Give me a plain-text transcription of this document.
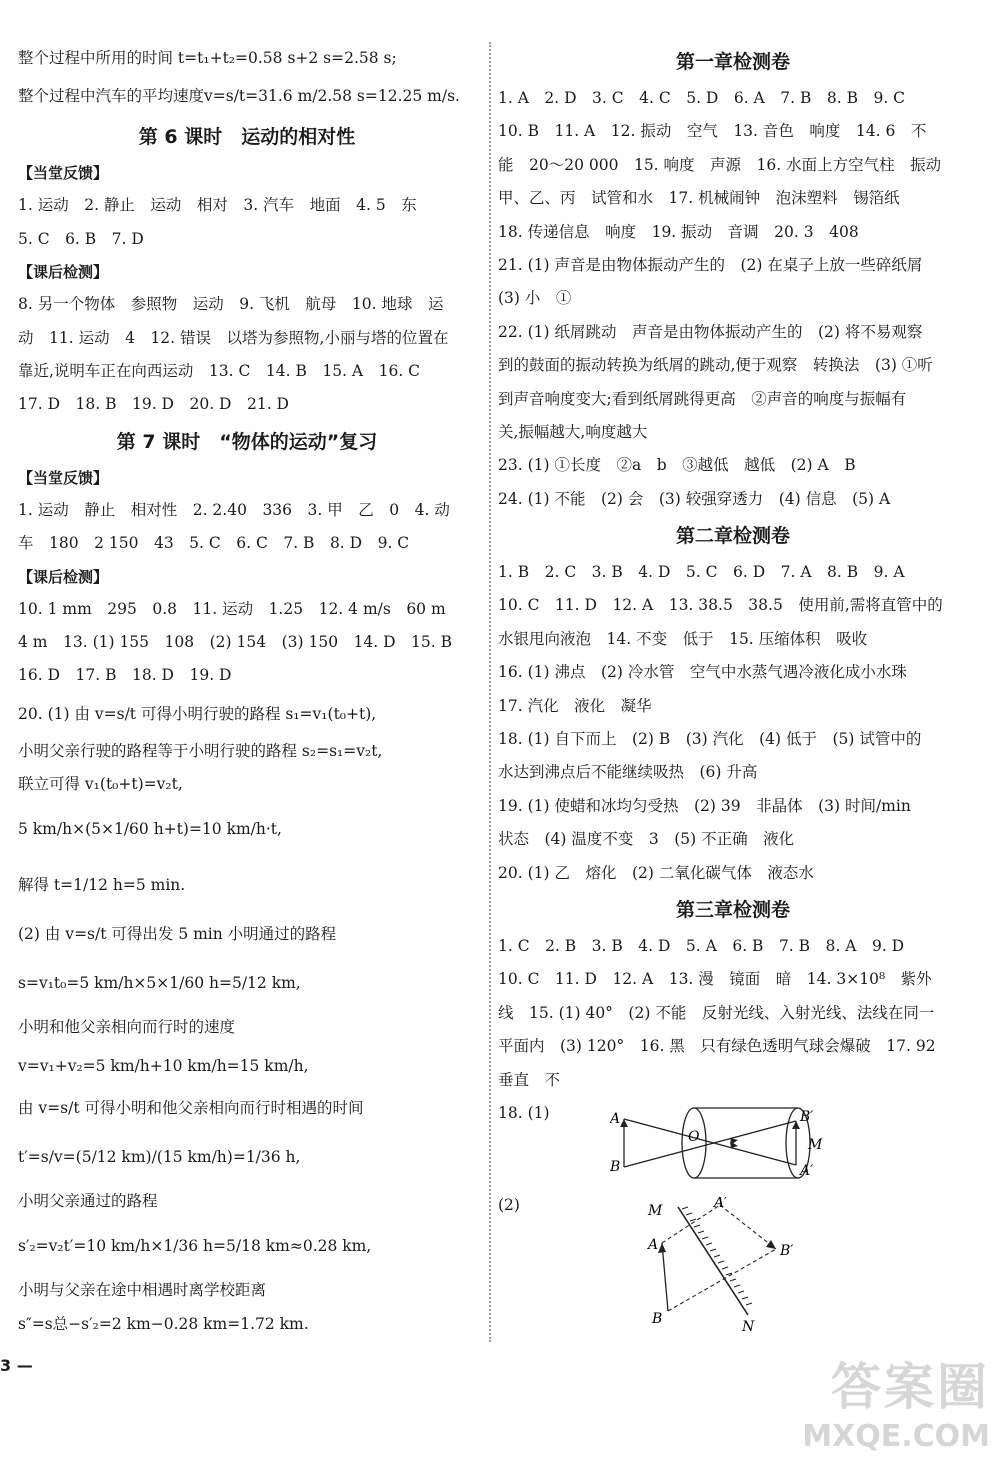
整个过程中所用的时间 t=t₁+t₂=0.58 s+2 s=2.58 s;
整个过程中汽车的平均速度v=s/t=31.6 m/2.58 s=12.25 m/s.
第 6 课时　运动的相对性
【当堂反馈】
1. 运动　2. 静止　运动　相对　3. 汽车　地面　4. 5　东
5. C　6. B　7. D
【课后检测】
8. 另一个物体　参照物　运动　9. 飞机　航母　10. 地球　运
动　11. 运动　4　12. 错误　以塔为参照物,小丽与塔的位置在
靠近,说明车正在向西运动　13. C　14. B　15. A　16. C
17. D　18. B　19. D　20. D　21. D
第 7 课时　“物体的运动”复习
【当堂反馈】
1. 运动　静止　相对性　2. 2.40　336　3. 甲　乙　0　4. 动
车　180　2 150　43　5. C　6. C　7. B　8. D　9. C
【课后检测】
10. 1 mm　295　0.8　11. 运动　1.25　12. 4 m/s　60 m
4 m　13. (1) 155　108　(2) 154　(3) 150　14. D　15. B
16. D　17. B　18. D　19. D
20. (1) 由 v=s/t 可得小明行驶的路程 s₁=v₁(t₀+t),
小明父亲行驶的路程等于小明行驶的路程 s₂=s₁=v₂t,
联立可得 v₁(t₀+t)=v₂t,
5 km/h×(5×1/60 h+t)=10 km/h·t,
解得 t=1/12 h=5 min.
(2) 由 v=s/t 可得出发 5 min 小明通过的路程
s=v₁t₀=5 km/h×5×1/60 h=5/12 km,
小明和他父亲相向而行时的速度
v=v₁+v₂=5 km/h+10 km/h=15 km/h,
由 v=s/t 可得小明和他父亲相向而行时相遇的时间
t′=s/v=(5/12 km)/(15 km/h)=1/36 h,
小明父亲通过的路程
s′₂=v₂t′=10 km/h×1/36 h=5/18 km≈0.28 km,
小明与父亲在途中相遇时离学校距离
s″=s总−s′₂=2 km−0.28 km=1.72 km.
3 —
第一章检测卷
1. A　2. D　3. C　4. C　5. D　6. A　7. B　8. B　9. C
10. B　11. A　12. 振动　空气　13. 音色　响度　14. 6　不
能　20～20 000　15. 响度　声源　16. 水面上方空气柱　振动
甲、乙、丙　试管和水　17. 机械闹钟　泡沫塑料　锡箔纸
18. 传递信息　响度　19. 振动　音调　20. 3　408
21. (1) 声音是由物体振动产生的　(2) 在桌子上放一些碎纸屑
(3) 小　①
22. (1) 纸屑跳动　声音是由物体振动产生的　(2) 将不易观察
到的鼓面的振动转换为纸屑的跳动,便于观察　转换法　(3) ①听
到声音响度变大;看到纸屑跳得更高　②声音的响度与振幅有
关,振幅越大,响度越大
23. (1) ①长度　②a　b　③越低　越低　(2) A　B
24. (1) 不能　(2) 会　(3) 较强穿透力　(4) 信息　(5) A
第二章检测卷
1. B　2. C　3. B　4. D　5. C　6. D　7. A　8. B　9. A
10. C　11. D　12. A　13. 38.5　38.5　使用前,需将直管中的
水银甩向液泡　14. 不变　低于　15. 压缩体积　吸收
16. (1) 沸点　(2) 冷水管　空气中水蒸气遇冷液化成小水珠
17. 汽化　液化　凝华
18. (1) 自下而上　(2) B　(3) 汽化　(4) 低于　(5) 试管中的
水达到沸点后不能继续吸热　(6) 升高
19. (1) 使蜡和冰均匀受热　(2) 39　非晶体　(3) 时间/min
状态　(4) 温度不变　3　(5) 不正确　液化
20. (1) 乙　熔化　(2) 二氧化碳气体　液态水
第三章检测卷
1. C　2. B　3. B　4. D　5. A　6. B　7. B　8. A　9. D
10. C　11. D　12. A　13. 漫　镜面　暗　14. 3×10⁸　紫外
线　15. (1) 40°　(2) 不能　反射光线、入射光线、法线在同一
平面内　(3) 120°　16. 黑　只有绿色透明气球会爆破　17. 92
垂直　不
18. (1)	A
B
O
B′
M
A′
(2)	M
N
A
B
A′
B′
答案圈
MXQE.COM
